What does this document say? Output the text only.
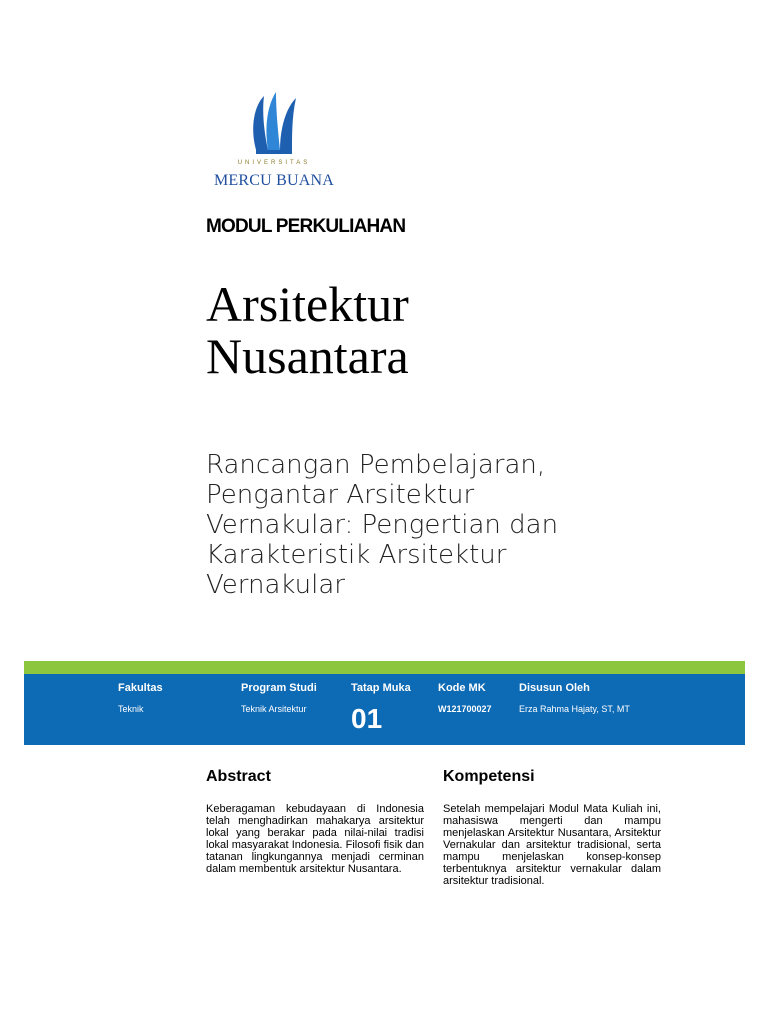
UNIVERSITAS
MERCU BUANA
MODUL PERKULIAHAN
Arsitektur
Nusantara
Rancangan Pembelajaran,
Pengantar Arsitektur
Vernakular: Pengertian dan
Karakteristik Arsitektur
Vernakular
Fakultas
Teknik
Program Studi
Teknik Arsitektur
Tatap Muka
01
Kode MK
W121700027
Disusun Oleh
Erza Rahma Hajaty, ST, MT
Abstract
Keberagaman kebudayaan di Indonesia telah menghadirkan mahakarya arsitektur lokal yang berakar pada nilai-nilai tradisi lokal masyarakat Indonesia. Filosofi fisik dan tatanan lingkungannya menjadi cerminan dalam membentuk arsitektur Nusantara.
Kompetensi
Setelah mempelajari Modul Mata Kuliah ini, mahasiswa mengerti dan mampu menjelaskan Arsitektur Nusantara, Arsitektur Vernakular dan arsitektur tradisional, serta mampu menjelaskan konsep-konsep terbentuknya arsitektur vernakular dalam arsitektur tradisional.
